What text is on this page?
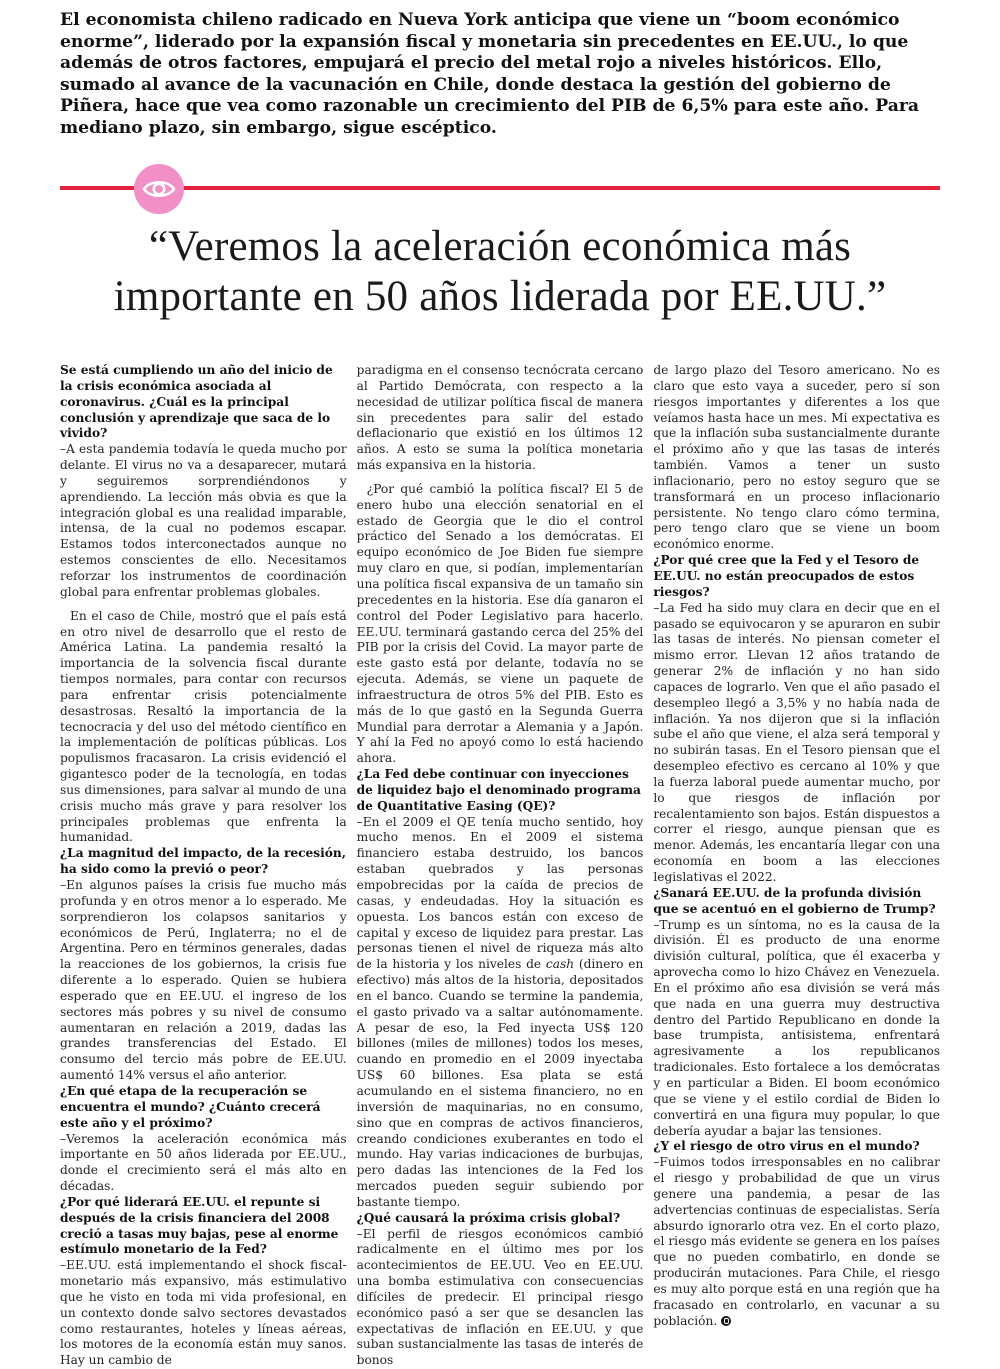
El economista chileno radicado en Nueva York anticipa que viene un “boom económico enorme”, liderado por la expansión fiscal y monetaria sin precedentes en EE.UU., lo que además de otros factores, empujará el precio del metal rojo a niveles históricos. Ello, sumado al avance de la vacunación en Chile, donde destaca la gestión del gobierno de Piñera, hace que vea como razonable un crecimiento del PIB de 6,5% para este año. Para mediano plazo, sin embargo, sigue escéptico.
“Veremos la aceleración económica más importante en 50 años liderada por EE.UU.”

Se está cumpliendo un año del inicio de la crisis económica asociada al coronavirus. ¿Cuál es la principal conclusión y aprendizaje que saca de lo vivido?

–A esta pandemia todavía le queda mucho por delante. El virus no va a desaparecer, mutará y seguiremos sorprendiéndonos y aprendiendo. La lección más obvia es que la integración global es una realidad imparable, intensa, de la cual no podemos escapar. Estamos todos interconectados aunque no estemos conscientes de ello. Necesitamos reforzar los instrumentos de coordinación global para enfrentar problemas globales.

En el caso de Chile, mostró que el país está en otro nivel de desarrollo que el resto de América Latina. La pandemia resaltó la importancia de la solvencia fiscal durante tiempos normales, para contar con recursos para enfrentar crisis potencialmente desastrosas. Resaltó la importancia de la tecnocracia y del uso del método científico en la implementación de políticas públicas. Los populismos fracasaron. La crisis evidenció el gigantesco poder de la tecnología, en todas sus dimensiones, para salvar al mundo de una crisis mucho más grave y para resolver los principales problemas que enfrenta la humanidad.

¿La magnitud del impacto, de la recesión, ha sido como la previó o peor?

–En algunos países la crisis fue mucho más profunda y en otros menor a lo esperado. Me sorprendieron los colapsos sanitarios y económicos de Perú, Inglaterra; no el de Argentina. Pero en términos generales, dadas la reacciones de los gobiernos, la crisis fue diferente a lo esperado. Quien se hubiera esperado que en EE.UU. el ingreso de los sectores más pobres y su nivel de consumo aumentaran en relación a 2019, dadas las grandes transferencias del Estado. El consumo del tercio más pobre de EE.UU. aumentó 14% versus el año anterior.

¿En qué etapa de la recuperación se encuentra el mundo? ¿Cuánto crecerá este año y el próximo?

–Veremos la aceleración económica más importante en 50 años liderada por EE.UU., donde el crecimiento será el más alto en décadas.

¿Por qué liderará EE.UU. el repunte si después de la crisis financiera del 2008 creció a tasas muy bajas, pese al enorme estímulo monetario de la Fed?

–EE.UU. está implementando el shock fiscal-monetario más expansivo, más estimulativo que he visto en toda mi vida profesional, en un contexto donde salvo sectores devastados como restaurantes, hoteles y líneas aéreas, los motores de la economía están muy sanos. Hay un cambio de

paradigma en el consenso tecnócrata cercano al Partido Demócrata, con respecto a la necesidad de utilizar política fiscal de manera sin precedentes para salir del estado deflacionario que existió en los últimos 12 años. A esto se suma la política monetaria más expansiva en la historia.

¿Por qué cambió la política fiscal? El 5 de enero hubo una elección senatorial en el estado de Georgia que le dio el control práctico del Senado a los demócratas. El equipo económico de Joe Biden fue siempre muy claro en que, si podían, implementarían una política fiscal expansiva de un tamaño sin precedentes en la historia. Ese día ganaron el control del Poder Legislativo para hacerlo. EE.UU. terminará gastando cerca del 25% del PIB por la crisis del Covid. La mayor parte de este gasto está por delante, todavía no se ejecuta. Además, se viene un paquete de infraestructura de otros 5% del PIB. Esto es más de lo que gastó en la Segunda Guerra Mundial para derrotar a Alemania y a Japón. Y ahí la Fed no apoyó como lo está haciendo ahora.

¿La Fed debe continuar con inyecciones de liquidez bajo el denominado programa de Quantitative Easing (QE)?

–En el 2009 el QE tenía mucho sentido, hoy mucho menos. En el 2009 el sistema financiero estaba destruido, los bancos estaban quebrados y las personas empobrecidas por la caída de precios de casas, y endeudadas. Hoy la situación es opuesta. Los bancos están con exceso de capital y exceso de liquidez para prestar. Las personas tienen el nivel de riqueza más alto de la historia y los niveles de cash (dinero en efectivo) más altos de la historia, depositados en el banco. Cuando se termine la pandemia, el gasto privado va a saltar autónomamente. A pesar de eso, la Fed inyecta US$ 120 billones (miles de millones) todos los meses, cuando en promedio en el 2009 inyectaba US$ 60 billones. Esa plata se está acumulando en el sistema financiero, no en inversión de maquinarias, no en consumo, sino que en compras de activos financieros, creando condiciones exuberantes en todo el mundo. Hay varias indicaciones de burbujas, pero dadas las intenciones de la Fed los mercados pueden seguir subiendo por bastante tiempo.

¿Qué causará la próxima crisis global?

–El perfil de riesgos económicos cambió radicalmente en el último mes por los acontecimientos de EE.UU. Veo en EE.UU. una bomba estimulativa con consecuencias difíciles de predecir. El principal riesgo económico pasó a ser que se desanclen las expectativas de inflación en EE.UU. y que suban sustancialmente las tasas de interés de bonos

de largo plazo del Tesoro americano. No es claro que esto vaya a suceder, pero sí son riesgos importantes y diferentes a los que veíamos hasta hace un mes. Mi expectativa es que la inflación suba sustancialmente durante el próximo año y que las tasas de interés también. Vamos a tener un susto inflacionario, pero no estoy seguro que se transformará en un proceso inflacionario persistente. No tengo claro cómo termina, pero tengo claro que se viene un boom económico enorme.

¿Por qué cree que la Fed y el Tesoro de EE.UU. no están preocupados de estos riesgos?

–La Fed ha sido muy clara en decir que en el pasado se equivocaron y se apuraron en subir las tasas de interés. No piensan cometer el mismo error. Llevan 12 años tratando de generar 2% de inflación y no han sido capaces de lograrlo. Ven que el año pasado el desempleo llegó a 3,5% y no había nada de inflación. Ya nos dijeron que si la inflación sube el año que viene, el alza será temporal y no subirán tasas. En el Tesoro piensan que el desempleo efectivo es cercano al 10% y que la fuerza laboral puede aumentar mucho, por lo que riesgos de inflación por recalentamiento son bajos. Están dispuestos a correr el riesgo, aunque piensan que es menor. Además, les encantaría llegar con una economía en boom a las elecciones legislativas el 2022.

¿Sanará EE.UU. de la profunda división que se acentuó en el gobierno de Trump?

–Trump es un síntoma, no es la causa de la división. Él es producto de una enorme división cultural, política, que él exacerba y aprovecha como lo hizo Chávez en Venezuela. En el próximo año esa división se verá más que nada en una guerra muy destructiva dentro del Partido Republicano en donde la base trumpista, antisistema, enfrentará agresivamente a los republicanos tradicionales. Esto fortalece a los demócratas y en particular a Biden. El boom económico que se viene y el estilo cordial de Biden lo convertirá en una figura muy popular, lo que debería ayudar a bajar las tensiones.

¿Y el riesgo de otro virus en el mundo?

–Fuimos todos irresponsables en no calibrar el riesgo y probabilidad de que un virus genere una pandemia, a pesar de las advertencias continuas de especialistas. Sería absurdo ignorarlo otra vez. En el corto plazo, el riesgo más evidente se genera en los países que no pueden combatirlo, en donde se producirán mutaciones. Para Chile, el riesgo es muy alto porque está en una región que ha fracasado en controlarlo, en vacunar a su población.
